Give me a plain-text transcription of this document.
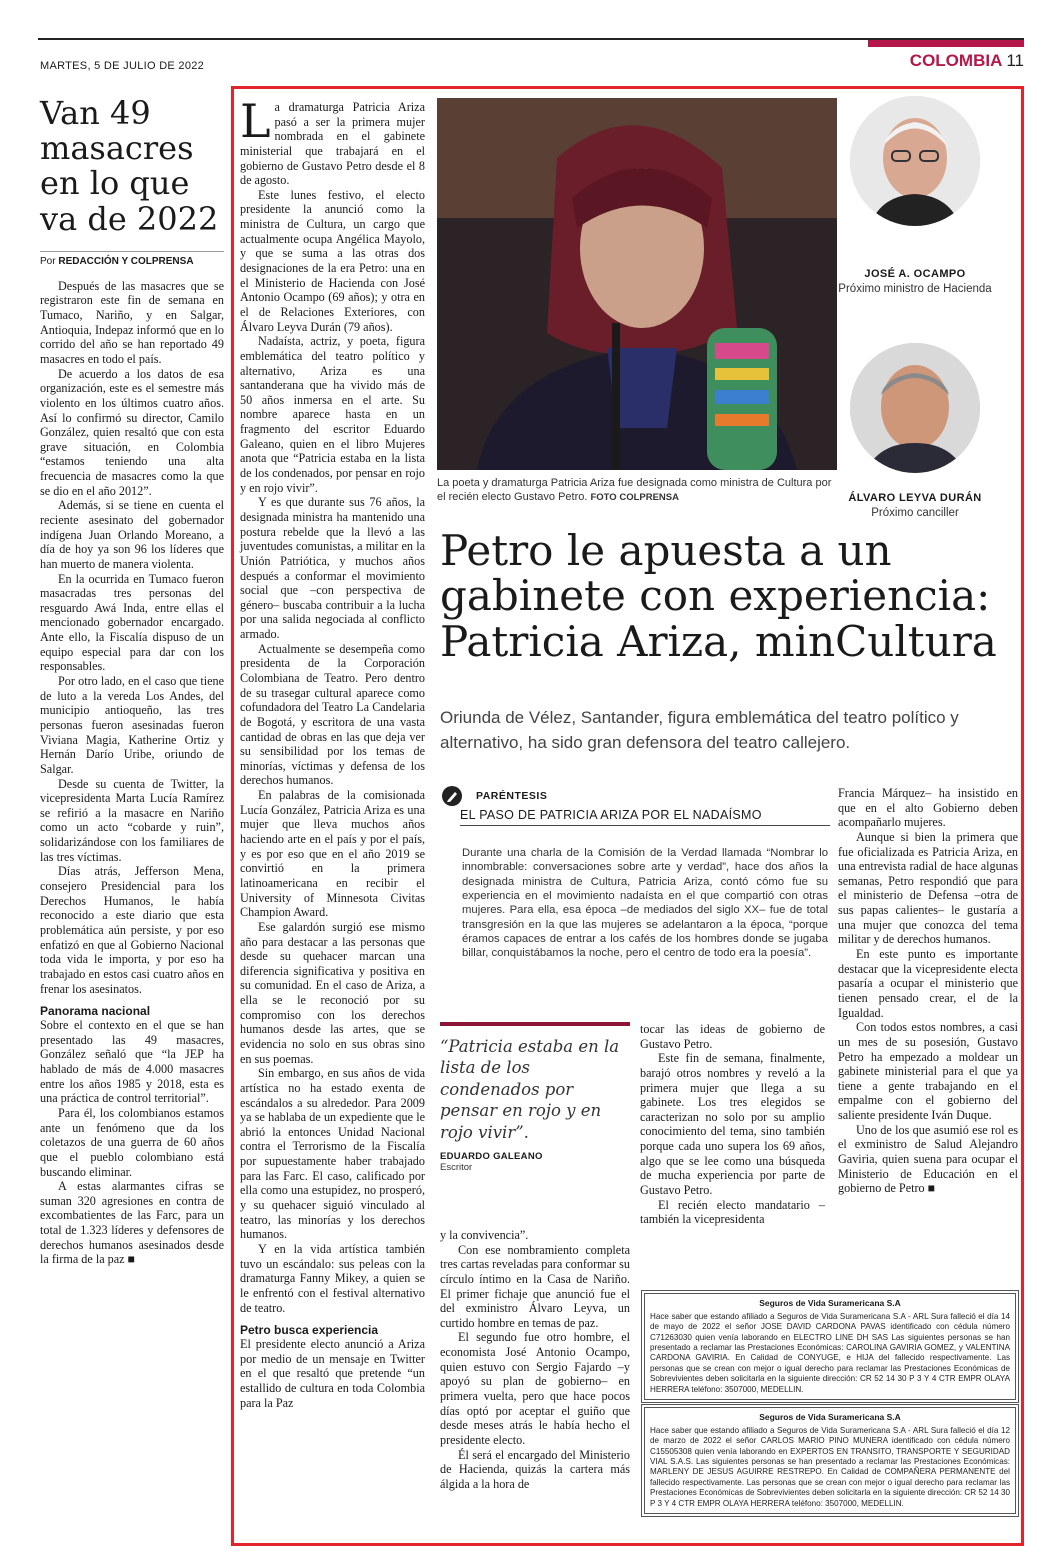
MARTES, 5 DE JULIO DE 2022	COLOMBIA 11
Van 49 masacres en lo que va de 2022
Por REDACCIÓN Y COLPRENSA

Después de las masacres que se registraron este fin de semana en Tumaco, Nariño, y en Salgar, Antioquia, Indepaz informó que en lo corrido del año se han reportado 49 masacres en todo el país.

De acuerdo a los datos de esa organización, este es el semestre más violento en los últimos cuatro años. Así lo confirmó su director, Camilo González, quien resaltó que con esta grave situación, en Colombia “estamos teniendo una alta frecuencia de masacres como la que se dio en el año 2012”.

Además, si se tiene en cuenta el reciente asesinato del gobernador indígena Juan Orlando Moreano, a día de hoy ya son 96 los líderes que han muerto de manera violenta.

En la ocurrida en Tumaco fueron masacradas tres personas del resguardo Awá Inda, entre ellas el mencionado gobernador encargado. Ante ello, la Fiscalía dispuso de un equipo especial para dar con los responsables.

Por otro lado, en el caso que tiene de luto a la vereda Los Andes, del municipio antioqueño, las tres personas fueron asesinadas fueron Viviana Magia, Katherine Ortiz y Hernán Darío Uribe, oriundo de Salgar.

Desde su cuenta de Twitter, la vicepresidenta Marta Lucía Ramírez se refirió a la masacre en Nariño como un acto “cobarde y ruin”, solidarizándose con los familiares de las tres víctimas.

Días atrás, Jefferson Mena, consejero Presidencial para los Derechos Humanos, le había reconocido a este diario que esta problemática aún persiste, y por eso enfatizó en que al Gobierno Nacional toda vida le importa, y por eso ha trabajado en estos casi cuatro años en frenar los asesinatos.

Panorama nacional

Sobre el contexto en el que se han presentado las 49 masacres, González señaló que “la JEP ha hablado de más de 4.000 masacres entre los años 1985 y 2018, esta es una práctica de control territorial”.

Para él, los colombianos estamos ante un fenómeno que da los coletazos de una guerra de 60 años que el pueblo colombiano está buscando eliminar.

A estas alarmantes cifras se suman 320 agresiones en contra de excombatientes de las Farc, para un total de 1.323 líderes y defensores de derechos humanos asesinados desde la firma de la paz ■

La dramaturga Patricia Ariza pasó a ser la primera mujer nombrada en el gabinete ministerial que trabajará en el gobierno de Gustavo Petro desde el 8 de agosto.

Este lunes festivo, el electo presidente la anunció como la ministra de Cultura, un cargo que actualmente ocupa Angélica Mayolo, y que se suma a las otras dos designaciones de la era Petro: una en el Ministerio de Hacienda con José Antonio Ocampo (69 años); y otra en el de Relaciones Exteriores, con Álvaro Leyva Durán (79 años).

Nadaísta, actriz, y poeta, figura emblemática del teatro político y alternativo, Ariza es una santanderana que ha vivido más de 50 años inmersa en el arte. Su nombre aparece hasta en un fragmento del escritor Eduardo Galeano, quien en el libro Mujeres anota que “Patricia estaba en la lista de los condenados, por pensar en rojo y en rojo vivir”.

Y es que durante sus 76 años, la designada ministra ha mantenido una postura rebelde que la llevó a las juventudes comunistas, a militar en la Unión Patriótica, y muchos años después a conformar el movimiento social que –con perspectiva de género– buscaba contribuir a la lucha por una salida negociada al conflicto armado.

Actualmente se desempeña como presidenta de la Corporación Colombiana de Teatro. Pero dentro de su trasegar cultural aparece como cofundadora del Teatro La Candelaria de Bogotá, y escritora de una vasta cantidad de obras en las que deja ver su sensibilidad por los temas de minorías, víctimas y defensa de los derechos humanos.

En palabras de la comisionada Lucía González, Patricia Ariza es una mujer que lleva muchos años haciendo arte en el país y por el país, y es por eso que en el año 2019 se convirtió en la primera latinoamericana en recibir el University of Minnesota Civitas Champion Award.

Ese galardón surgió ese mismo año para destacar a las personas que desde su quehacer marcan una diferencia significativa y positiva en su comunidad. En el caso de Ariza, a ella se le reconoció por su compromiso con los derechos humanos desde las artes, que se evidencia no solo en sus obras sino en sus poemas.

Sin embargo, en sus años de vida artística no ha estado exenta de escándalos a su alrededor. Para 2009 ya se hablaba de un expediente que le abrió la entonces Unidad Nacional contra el Terrorismo de la Fiscalía por supuestamente haber trabajado para las Farc. El caso, calificado por ella como una estupidez, no prosperó, y su quehacer siguió vinculado al teatro, las minorías y los derechos humanos.

Y en la vida artística también tuvo un escándalo: sus peleas con la dramaturga Fanny Mikey, a quien se le enfrentó con el festival alternativo de teatro.

Petro busca experiencia

El presidente electo anunció a Ariza por medio de un mensaje en Twitter en el que resaltó que pretende “un estallido de cultura en toda Colombia para la Paz

La poeta y dramaturga Patricia Ariza fue designada como ministra de Cultura por el recién electo Gustavo Petro. FOTO COLPRENSA
JOSÉ A. OCAMPO
Próximo ministro de Hacienda
ÁLVARO LEYVA DURÁN
Próximo canciller
Petro le apuesta a un gabinete con experiencia: Patricia Ariza, minCultura
Oriunda de Vélez, Santander, figura emblemática del teatro político y alternativo, ha sido gran defensora del teatro callejero.
PARÉNTESIS
EL PASO DE PATRICIA ARIZA POR EL NADAÍSMO
Durante una charla de la Comisión de la Verdad llamada “Nombrar lo innombrable: conversaciones sobre arte y verdad”, hace dos años la designada ministra de Cultura, Patricia Ariza, contó cómo fue su experiencia en el movimiento nadaísta en el que compartió con otras mujeres. Para ella, esa época –de mediados del siglo XX– fue de total transgresión en la que las mujeres se adelantaron a la época, “porque éramos capaces de entrar a los cafés de los hombres donde se jugaba billar, conquistábamos la noche, pero el centro de todo era la poesía”.
“Patricia estaba en la lista de los condenados por pensar en rojo y en rojo vivir”.
EDUARDO GALEANO
Escritor

y la convivencia”.

Con ese nombramiento completa tres cartas reveladas para conformar su círculo íntimo en la Casa de Nariño. El primer fichaje que anunció fue el del exministro Álvaro Leyva, un curtido hombre en temas de paz.

El segundo fue otro hombre, el economista José Antonio Ocampo, quien estuvo con Sergio Fajardo –y apoyó su plan de gobierno– en primera vuelta, pero que hace pocos días optó por aceptar el guiño que desde meses atrás le había hecho el presidente electo.

Él será el encargado del Ministerio de Hacienda, quizás la cartera más álgida a la hora de

tocar las ideas de gobierno de Gustavo Petro.

Este fin de semana, finalmente, barajó otros nombres y reveló a la primera mujer que llega a su gabinete. Los tres elegidos se caracterizan no solo por su amplio conocimiento del tema, sino también porque cada uno supera los 69 años, algo que se lee como una búsqueda de mucha experiencia por parte de Gustavo Petro.

El recién electo mandatario –también la vicepresidenta

Francia Márquez– ha insistido en que en el alto Gobierno deben acompañarlo mujeres.

Aunque si bien la primera que fue oficializada es Patricia Ariza, en una entrevista radial de hace algunas semanas, Petro respondió que para el ministerio de Defensa –otra de sus papas calientes– le gustaría a una mujer que conozca del tema militar y de derechos humanos.

En este punto es importante destacar que la vicepresidente electa pasaría a ocupar el ministerio que tienen pensado crear, el de la Igualdad.

Con todos estos nombres, a casi un mes de su posesión, Gustavo Petro ha empezado a moldear un gabinete ministerial para el que ya tiene a gente trabajando en el empalme con el gobierno del saliente presidente Iván Duque.

Uno de los que asumió ese rol es el exministro de Salud Alejandro Gaviria, quien suena para ocupar el Ministerio de Educación en el gobierno de Petro ■

Seguros de Vida Suramericana S.A
Hace saber que estando afiliado a Seguros de Vida Suramericana S.A - ARL Sura falleció el día 14 de mayo de 2022 el señor JOSE DAVID CARDONA PAVAS identificado con cédula número C71263030 quien venía laborando en ELECTRO LINE DH SAS Las siguientes personas se han presentado a reclamar las Prestaciones Económicas: CAROLINA GAVIRIA GOMEZ, y VALENTINA CARDONA GAVIRIA. En Calidad de CONYUGE, e HIJA del fallecido respectivamente. Las personas que se crean con mejor o igual derecho para reclamar las Prestaciones Económicas de Sobrevivientes deben solicitarla en la siguiente dirección: CR 52 14 30 P 3 Y 4 CTR EMPR OLAYA HERRERA teléfono: 3507000, MEDELLIN.
Seguros de Vida Suramericana S.A
Hace saber que estando afiliado a Seguros de Vida Suramericana S.A - ARL Sura falleció el día 12 de marzo de 2022 el señor CARLOS MARIO PINO MUNERA identificado con cédula número C15505308 quien venía laborando en EXPERTOS EN TRANSITO, TRANSPORTE Y SEGURIDAD VIAL S.A.S. Las siguientes personas se han presentado a reclamar las Prestaciones Económicas: MARLENY DE JESUS AGUIRRE RESTREPO. En Calidad de COMPAÑERA PERMANENTE del fallecido respectivamente. Las personas que se crean con mejor o igual derecho para reclamar las Prestaciones Económicas de Sobrevivientes deben solicitarla en la siguiente dirección: CR 52 14 30 P 3 Y 4 CTR EMPR OLAYA HERRERA teléfono: 3507000, MEDELLIN.
